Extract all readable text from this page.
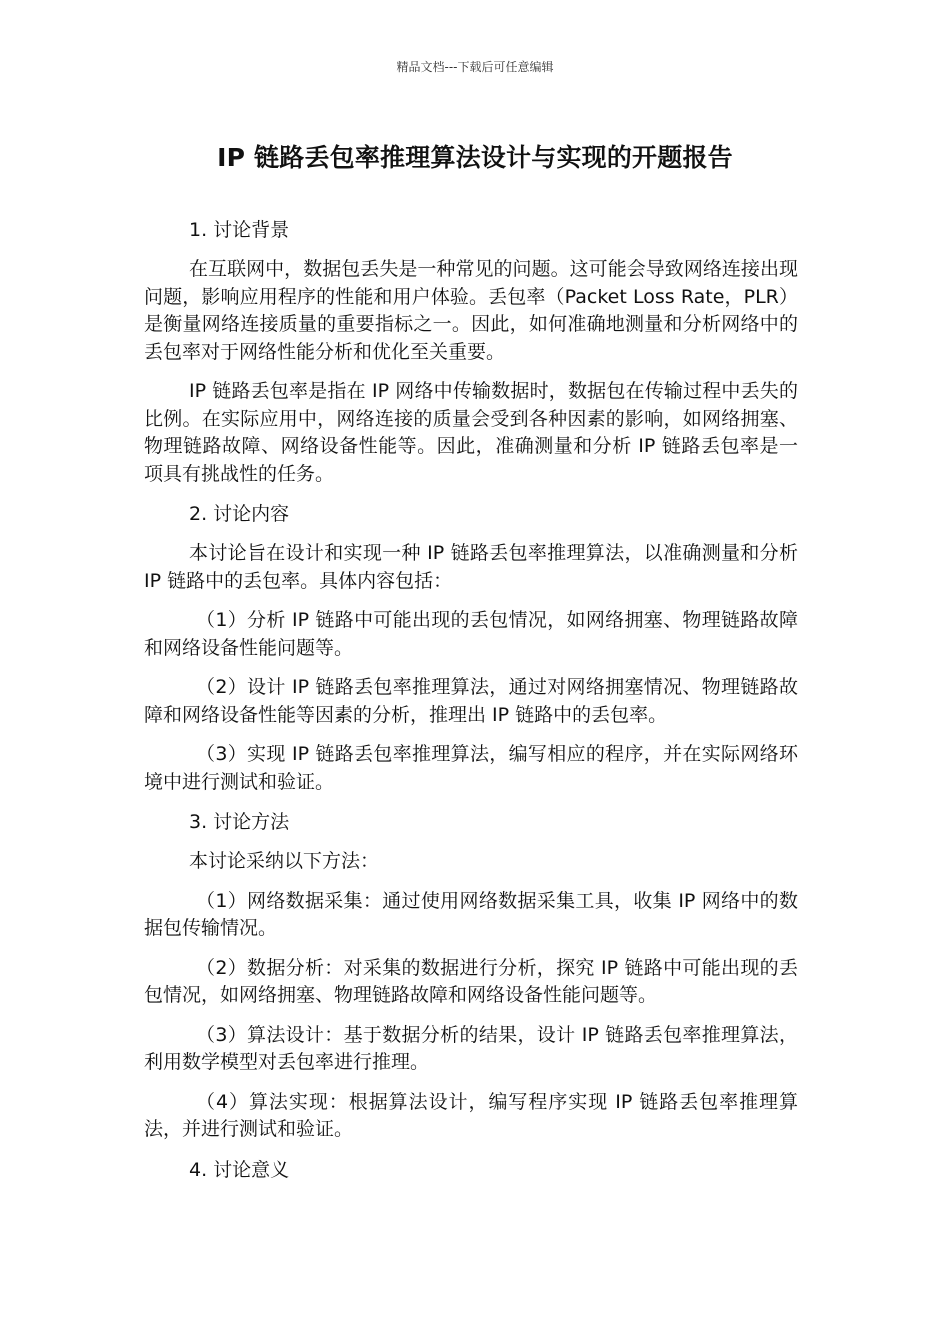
精品文档---下载后可任意编辑
IP 链路丢包率推理算法设计与实现的开题报告
1. 讨论背景

在互联网中，数据包丢失是一种常见的问题。这可能会导致网络连接出现问题，影响应用程序的性能和用户体验。丢包率（Packet Loss Rate，PLR）是衡量网络连接质量的重要指标之一。因此，如何准确地测量和分析网络中的丢包率对于网络性能分析和优化至关重要。

IP 链路丢包率是指在 IP 网络中传输数据时，数据包在传输过程中丢失的比例。在实际应用中，网络连接的质量会受到各种因素的影响，如网络拥塞、物理链路故障、网络设备性能等。因此，准确测量和分析 IP 链路丢包率是一项具有挑战性的任务。

2. 讨论内容

本讨论旨在设计和实现一种 IP 链路丢包率推理算法，以准确测量和分析 IP 链路中的丢包率。具体内容包括：

（1）分析 IP 链路中可能出现的丢包情况，如网络拥塞、物理链路故障和网络设备性能问题等。

（2）设计 IP 链路丢包率推理算法，通过对网络拥塞情况、物理链路故障和网络设备性能等因素的分析，推理出 IP 链路中的丢包率。

（3）实现 IP 链路丢包率推理算法，编写相应的程序，并在实际网络环境中进行测试和验证。

3. 讨论方法

本讨论采纳以下方法：

（1）网络数据采集：通过使用网络数据采集工具，收集 IP 网络中的数据包传输情况。

（2）数据分析：对采集的数据进行分析，探究 IP 链路中可能出现的丢包情况，如网络拥塞、物理链路故障和网络设备性能问题等。

（3）算法设计：基于数据分析的结果，设计 IP 链路丢包率推理算法，利用数学模型对丢包率进行推理。

（4）算法实现：根据算法设计，编写程序实现 IP 链路丢包率推理算法，并进行测试和验证。

4. 讨论意义
